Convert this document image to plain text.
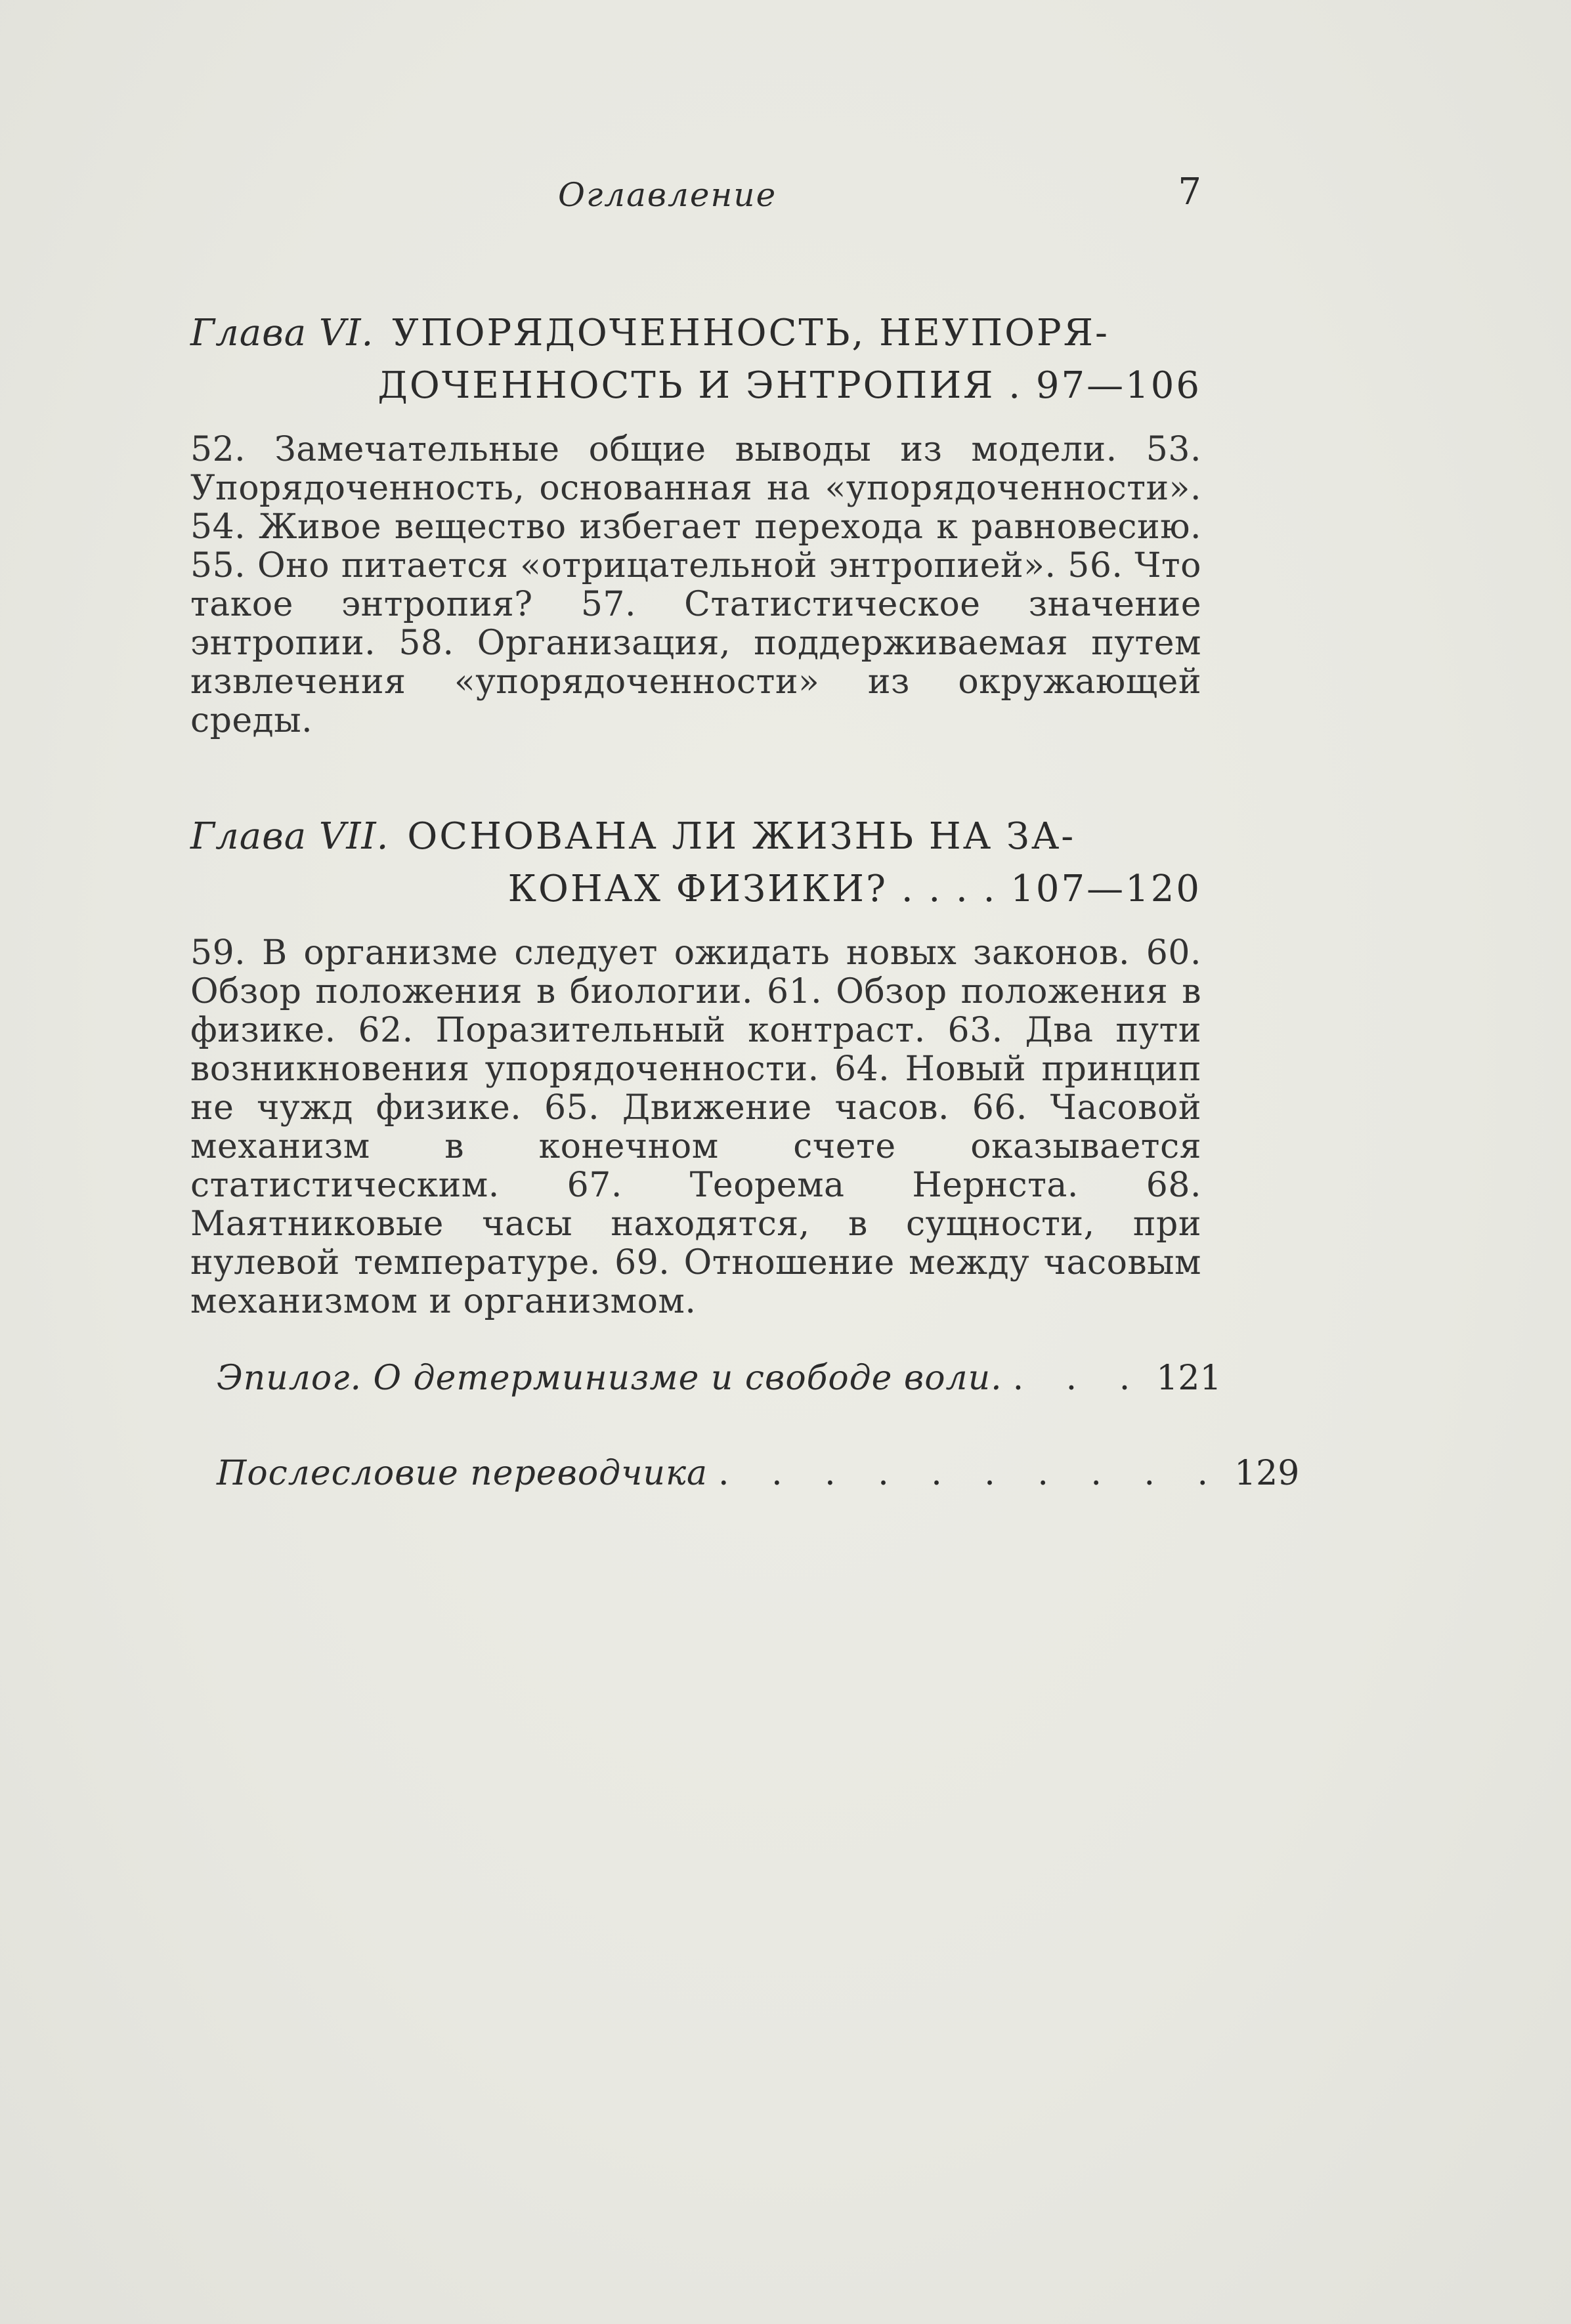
Оглавление	7
Глава VI. УПОРЯДОЧЕННОСТЬ, НЕУПОРЯ-
ДОЧЕННОСТЬ И ЭНТРОПИЯ . 97—106
52. Замечательные общие выводы из модели. 53. Упорядоченность, основанная на «упорядоченности». 54. Живое вещество избегает перехода к равновесию. 55. Оно питается «отрицательной энтропией». 56. Что такое энтропия? 57. Статистическое значение энтропии. 58. Организация, поддерживаемая путем извлечения «упорядоченности» из окружающей среды.
Глава VII. ОСНОВАНА ЛИ ЖИЗНЬ НА ЗА-
КОНАХ ФИЗИКИ? . . . . 107—120
59. В организме следует ожидать новых законов. 60. Обзор положения в биологии. 61. Обзор положения в физике. 62. Поразительный контраст. 63. Два пути возникновения упорядоченности. 64. Новый принцип не чужд физике. 65. Движение часов. 66. Часовой механизм в конечном счете оказывается статистическим. 67. Теорема Нернста. 68. Маятниковые часы находятся, в сущности, при нулевой температуре. 69. Отношение между часовым механизмом и организмом.
Эпилог. О детерминизме и свободе воли. . . . 121
Послесловие переводчика . . . . . . . . . . 129
